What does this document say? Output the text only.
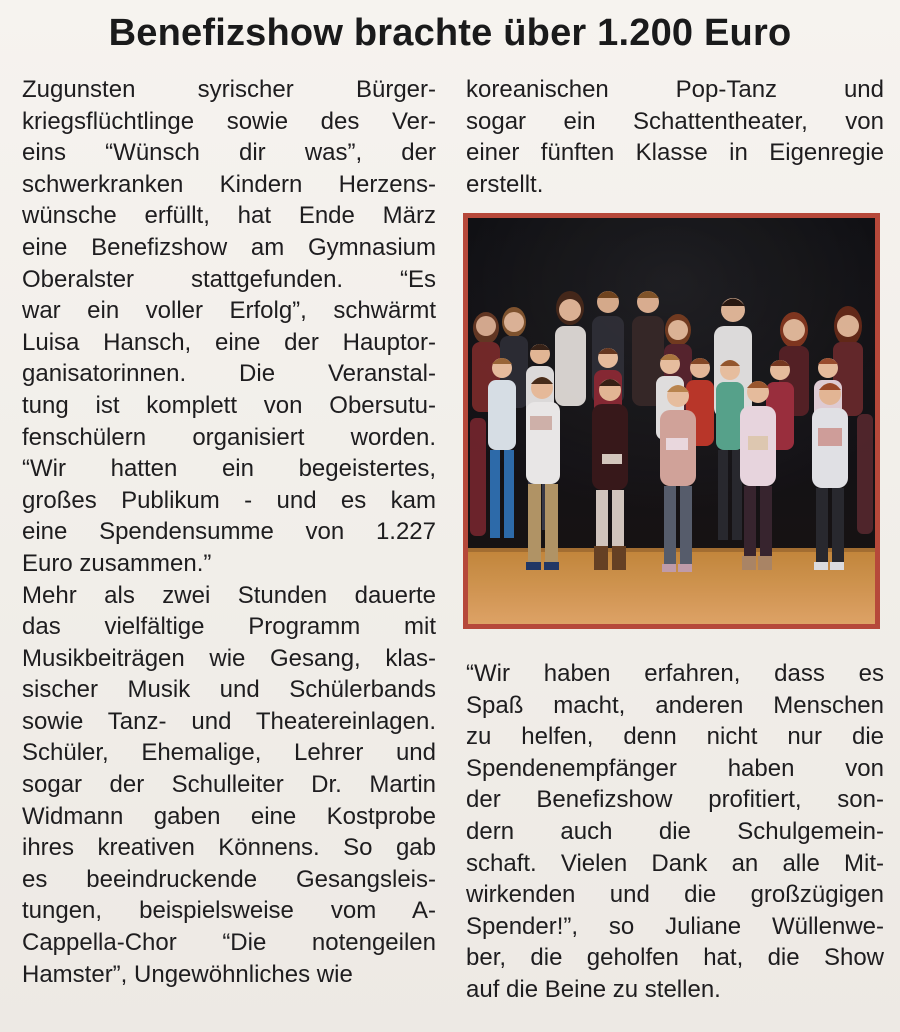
Benefizshow brachte über 1.200 Euro
Zugunsten syrischer Bürger-
kriegsflüchtlinge sowie des Ver-
eins “Wünsch dir was”, der
schwerkranken Kindern Herzens-
wünsche erfüllt, hat Ende März
eine Benefizshow am Gymnasium
Oberalster stattgefunden. “Es
war ein voller Erfolg”, schwärmt
Luisa Hansch, eine der Hauptor-
ganisatorinnen. Die Veranstal-
tung ist komplett von Obersutu-
fenschülern organisiert worden.
“Wir hatten ein begeistertes,
großes Publikum - und es kam
eine Spendensumme von 1.227
Euro zusammen.”
Mehr als zwei Stunden dauerte
das vielfältige Programm mit
Musikbeiträgen wie Gesang, klas-
sischer Musik und Schülerbands
sowie Tanz- und Theatereinlagen.
Schüler, Ehemalige, Lehrer und
sogar der Schulleiter Dr. Martin
Widmann gaben eine Kostprobe
ihres kreativen Könnens. So gab
es beeindruckende Gesangsleis-
tungen, beispielsweise vom A-
Cappella-Chor “Die notengeilen
Hamster”, Ungewöhnliches wie
koreanischen Pop-Tanz und
sogar ein Schattentheater, von
einer fünften Klasse in Eigenregie
erstellt.
“Wir haben erfahren, dass es
Spaß macht, anderen Menschen
zu helfen, denn nicht nur die
Spendenempfänger haben von
der Benefizshow profitiert, son-
dern auch die Schulgemein-
schaft. Vielen Dank an alle Mit-
wirkenden und die großzügigen
Spender!”, so Juliane Wüllenwe-
ber, die geholfen hat, die Show
auf die Beine zu stellen.
